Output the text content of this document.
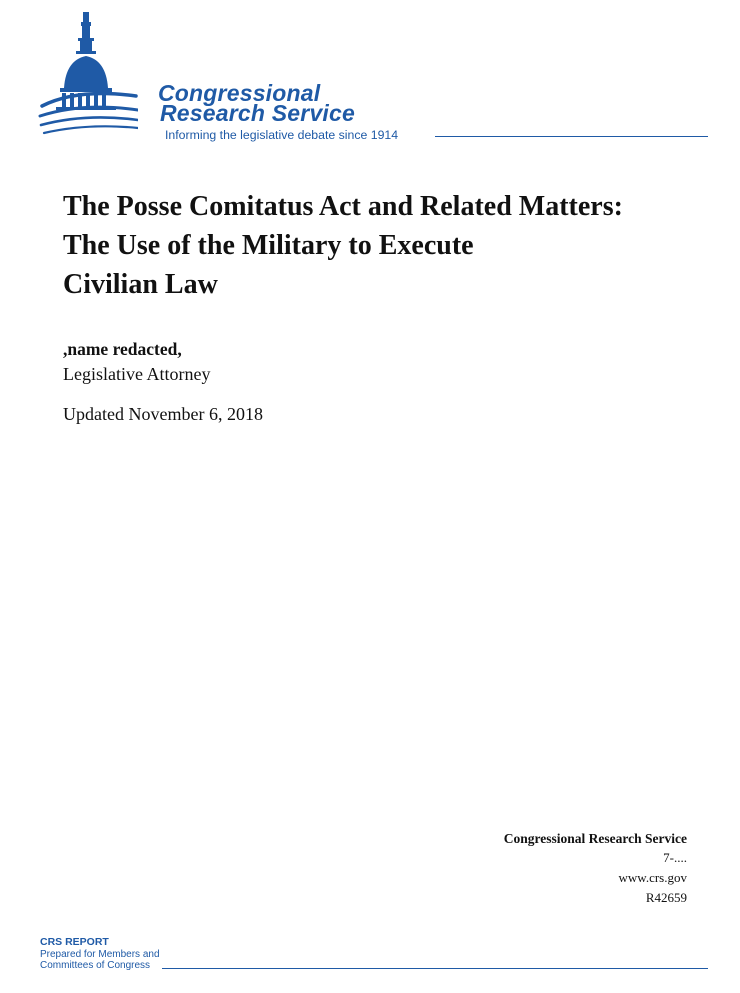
Congressional
Research Service
Informing the legislative debate since 1914
The Posse Comitatus Act and Related Matters:
The Use of the Military to Execute
Civilian Law
,name redacted,
Legislative Attorney
Updated November 6, 2018
Congressional Research Service
7-....
www.crs.gov
R42659
CRS REPORT
Prepared for Members and
Committees of Congress
